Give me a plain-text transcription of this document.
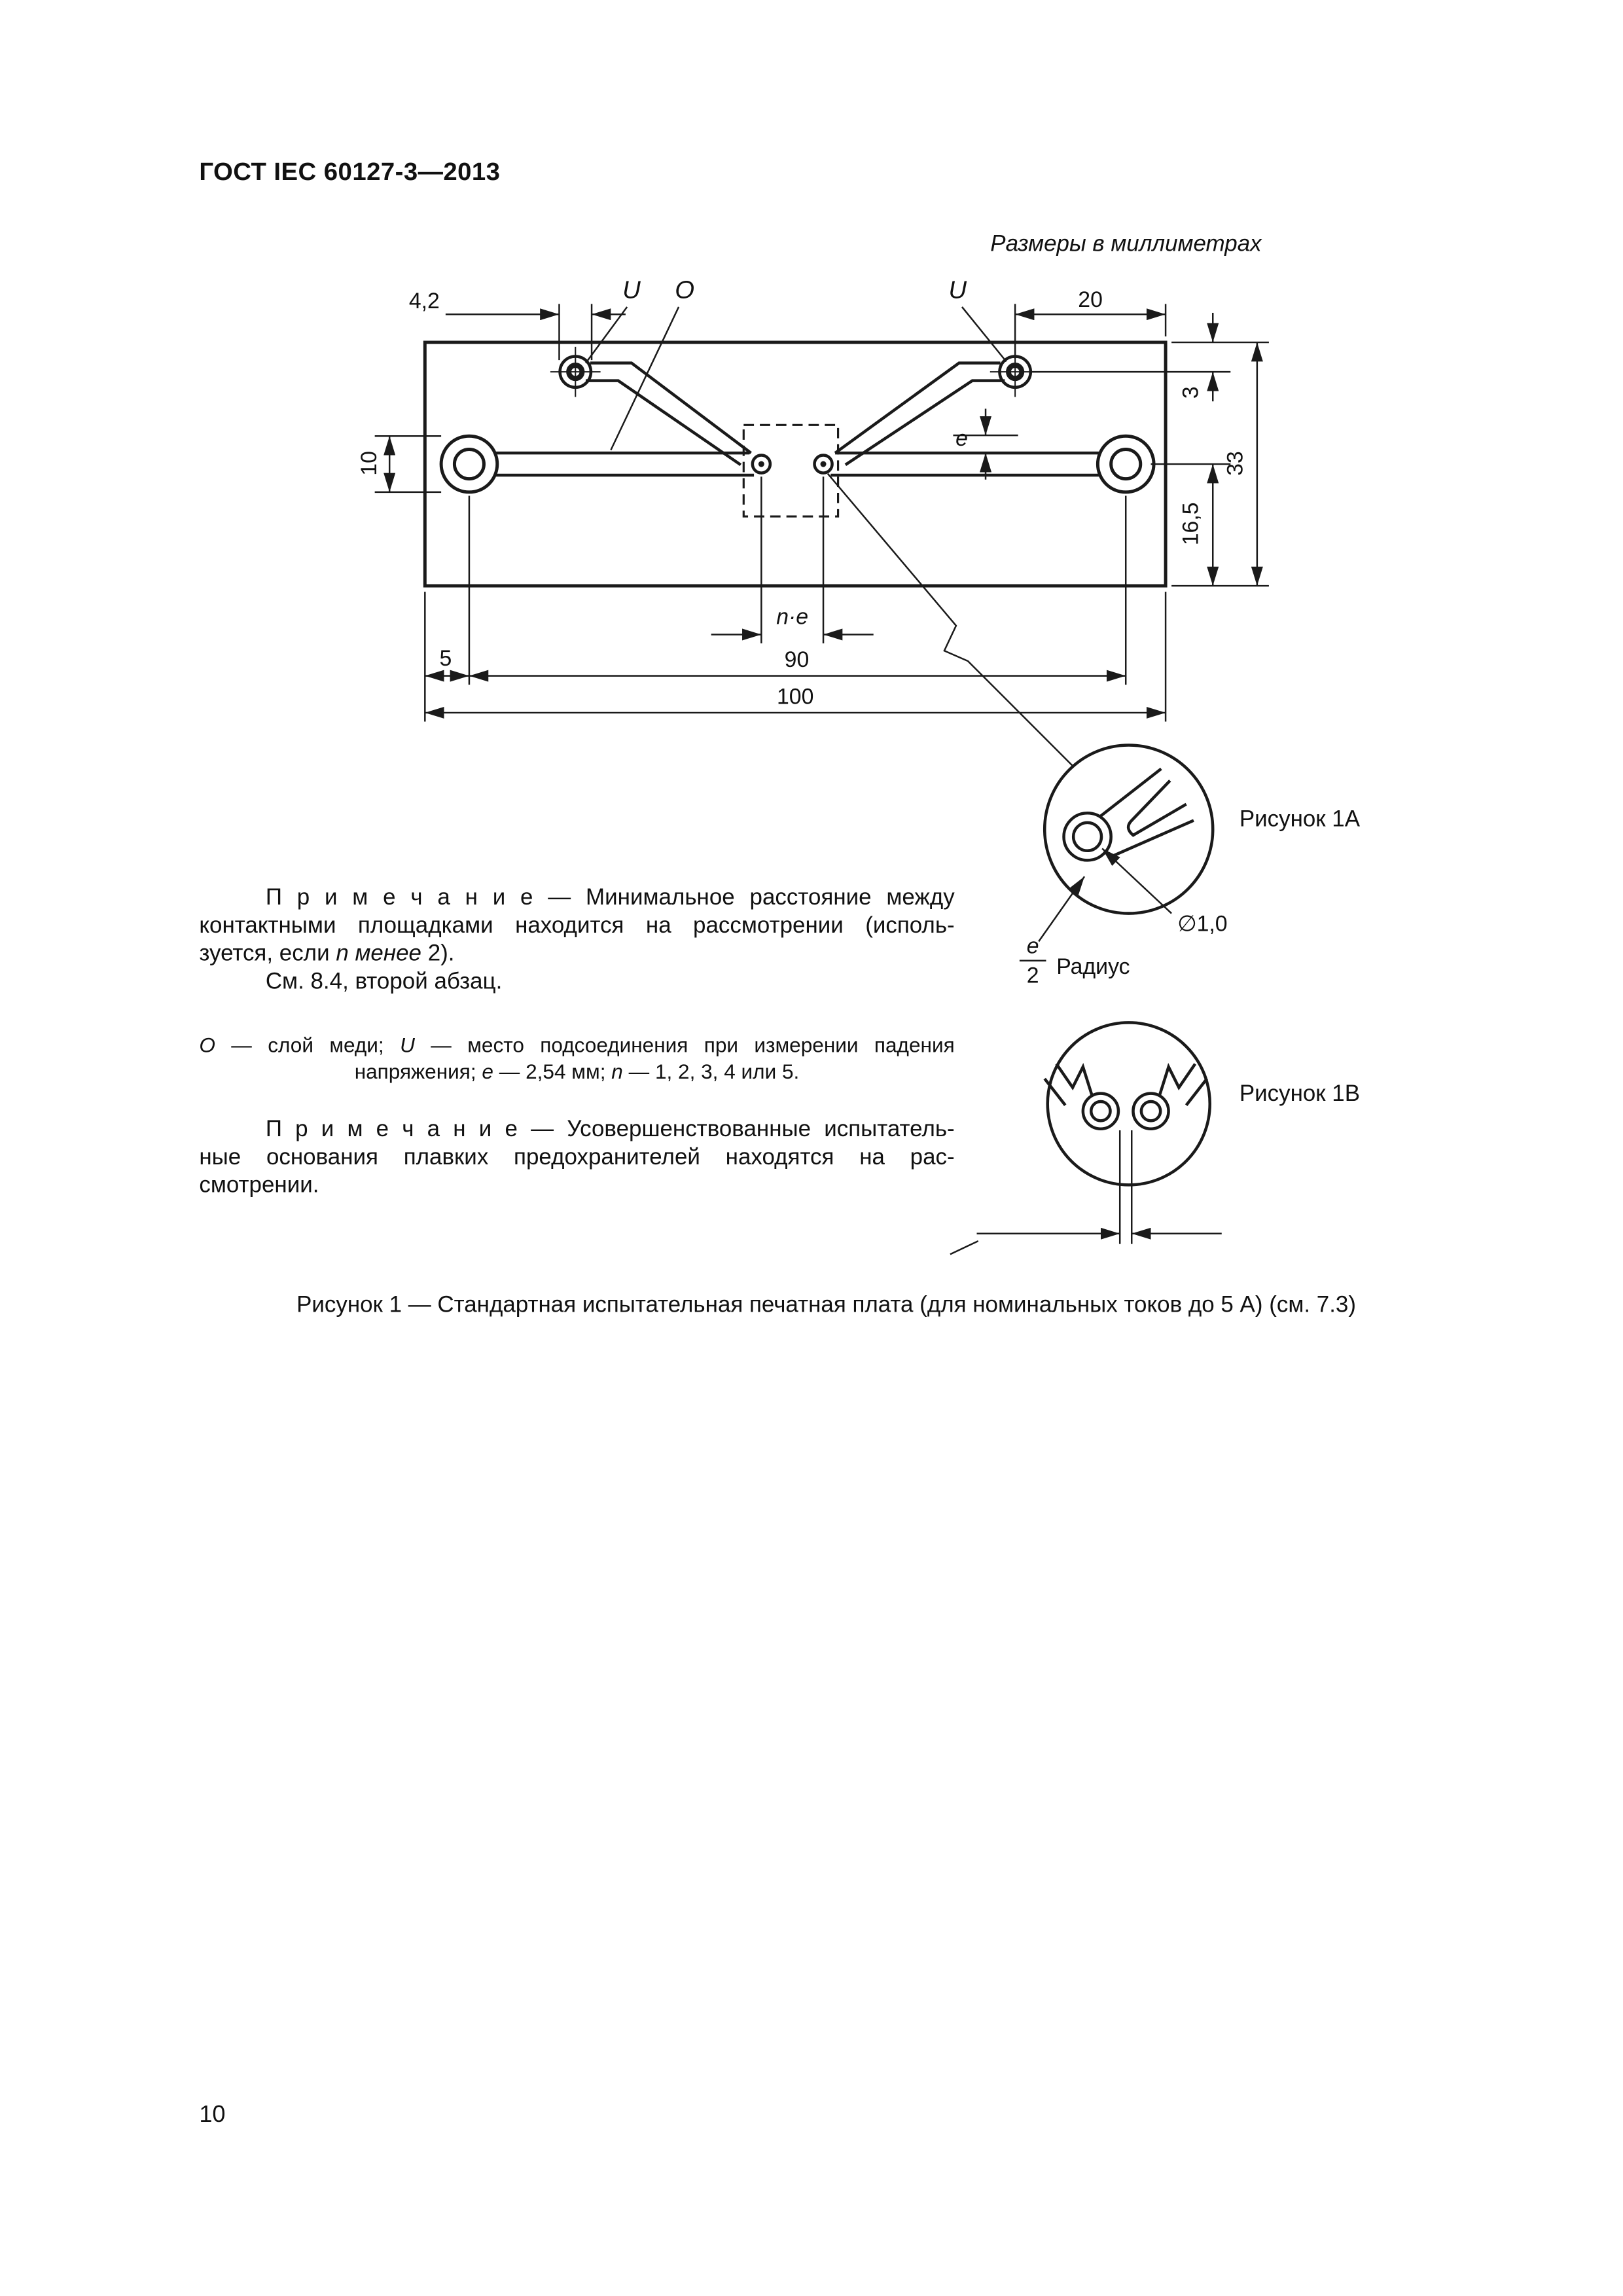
U	O	U
4,2	20
3
16,5
33
10
e
n·e
90
5
100
Рисунок 1А
∅1,0
e
2 Радиус
Рисунок 1В
ГОСТ IEC 60127-3—2013
Размеры в миллиметрах
П р и м е ч а н и е — Минимальное расстояние между
контактными площадками находится на рассмотрении (исполь-
зуется, если n менее 2).
См. 8.4, второй абзац.
О — слой меди; U — место подсоединения при измерении падения
напряжения; е — 2,54 мм; n — 1, 2, 3, 4 или 5.
П р и м е ч а н и е — Усовершенствованные испытатель-
ные основания плавких предохранителей находятся на рас-
смотрении.
Рисунок 1 — Стандартная испытательная печатная плата (для номинальных токов до 5 А) (см. 7.3)
10
